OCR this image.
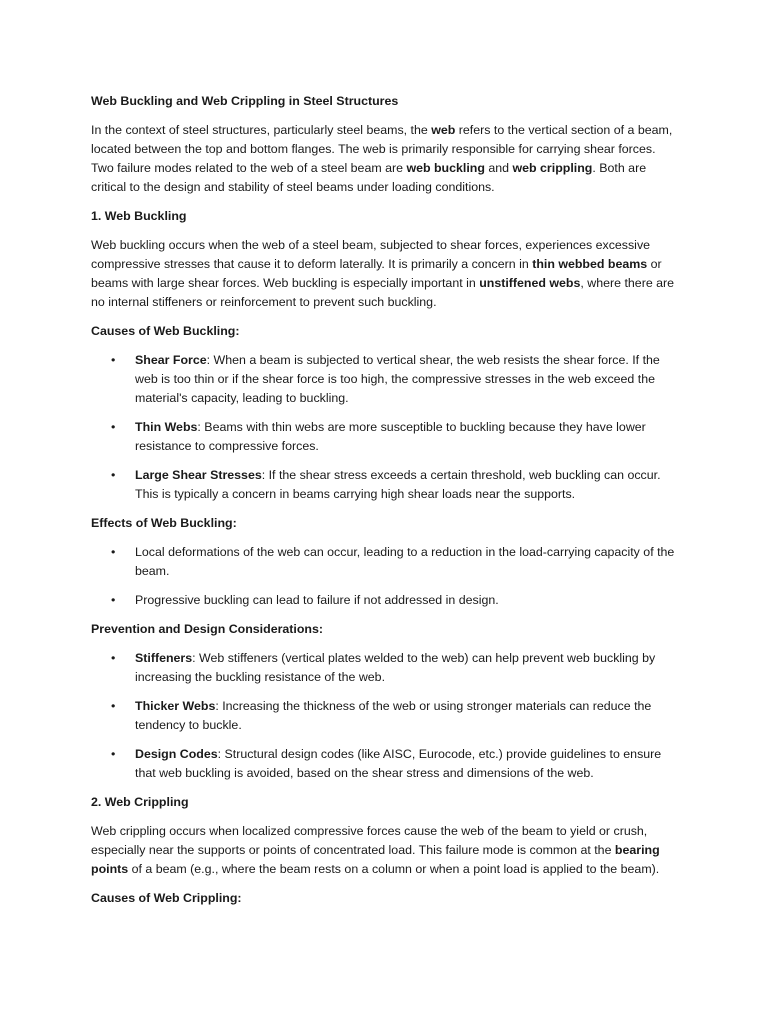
Web Buckling and Web Crippling in Steel Structures

In the context of steel structures, particularly steel beams, the web refers to the vertical section of a beam, located between the top and bottom flanges. The web is primarily responsible for carrying shear forces. Two failure modes related to the web of a steel beam are web buckling and web crippling. Both are critical to the design and stability of steel beams under loading conditions.

1. Web Buckling

Web buckling occurs when the web of a steel beam, subjected to shear forces, experiences excessive compressive stresses that cause it to deform laterally. It is primarily a concern in thin webbed beams or beams with large shear forces. Web buckling is especially important in unstiffened webs, where there are no internal stiffeners or reinforcement to prevent such buckling.

Causes of Web Buckling:
• Shear Force: When a beam is subjected to vertical shear, the web resists the shear force. If the web is too thin or if the shear force is too high, the compressive stresses in the web exceed the material's capacity, leading to buckling.
• Thin Webs: Beams with thin webs are more susceptible to buckling because they have lower resistance to compressive forces.
• Large Shear Stresses: If the shear stress exceeds a certain threshold, web buckling can occur. This is typically a concern in beams carrying high shear loads near the supports.
Effects of Web Buckling:
• Local deformations of the web can occur, leading to a reduction in the load-carrying capacity of the beam.
• Progressive buckling can lead to failure if not addressed in design.
Prevention and Design Considerations:
• Stiffeners: Web stiffeners (vertical plates welded to the web) can help prevent web buckling by increasing the buckling resistance of the web.
• Thicker Webs: Increasing the thickness of the web or using stronger materials can reduce the tendency to buckle.
• Design Codes: Structural design codes (like AISC, Eurocode, etc.) provide guidelines to ensure that web buckling is avoided, based on the shear stress and dimensions of the web.
2. Web Crippling

Web crippling occurs when localized compressive forces cause the web of the beam to yield or crush, especially near the supports or points of concentrated load. This failure mode is common at the bearing points of a beam (e.g., where the beam rests on a column or when a point load is applied to the beam).

Causes of Web Crippling:
